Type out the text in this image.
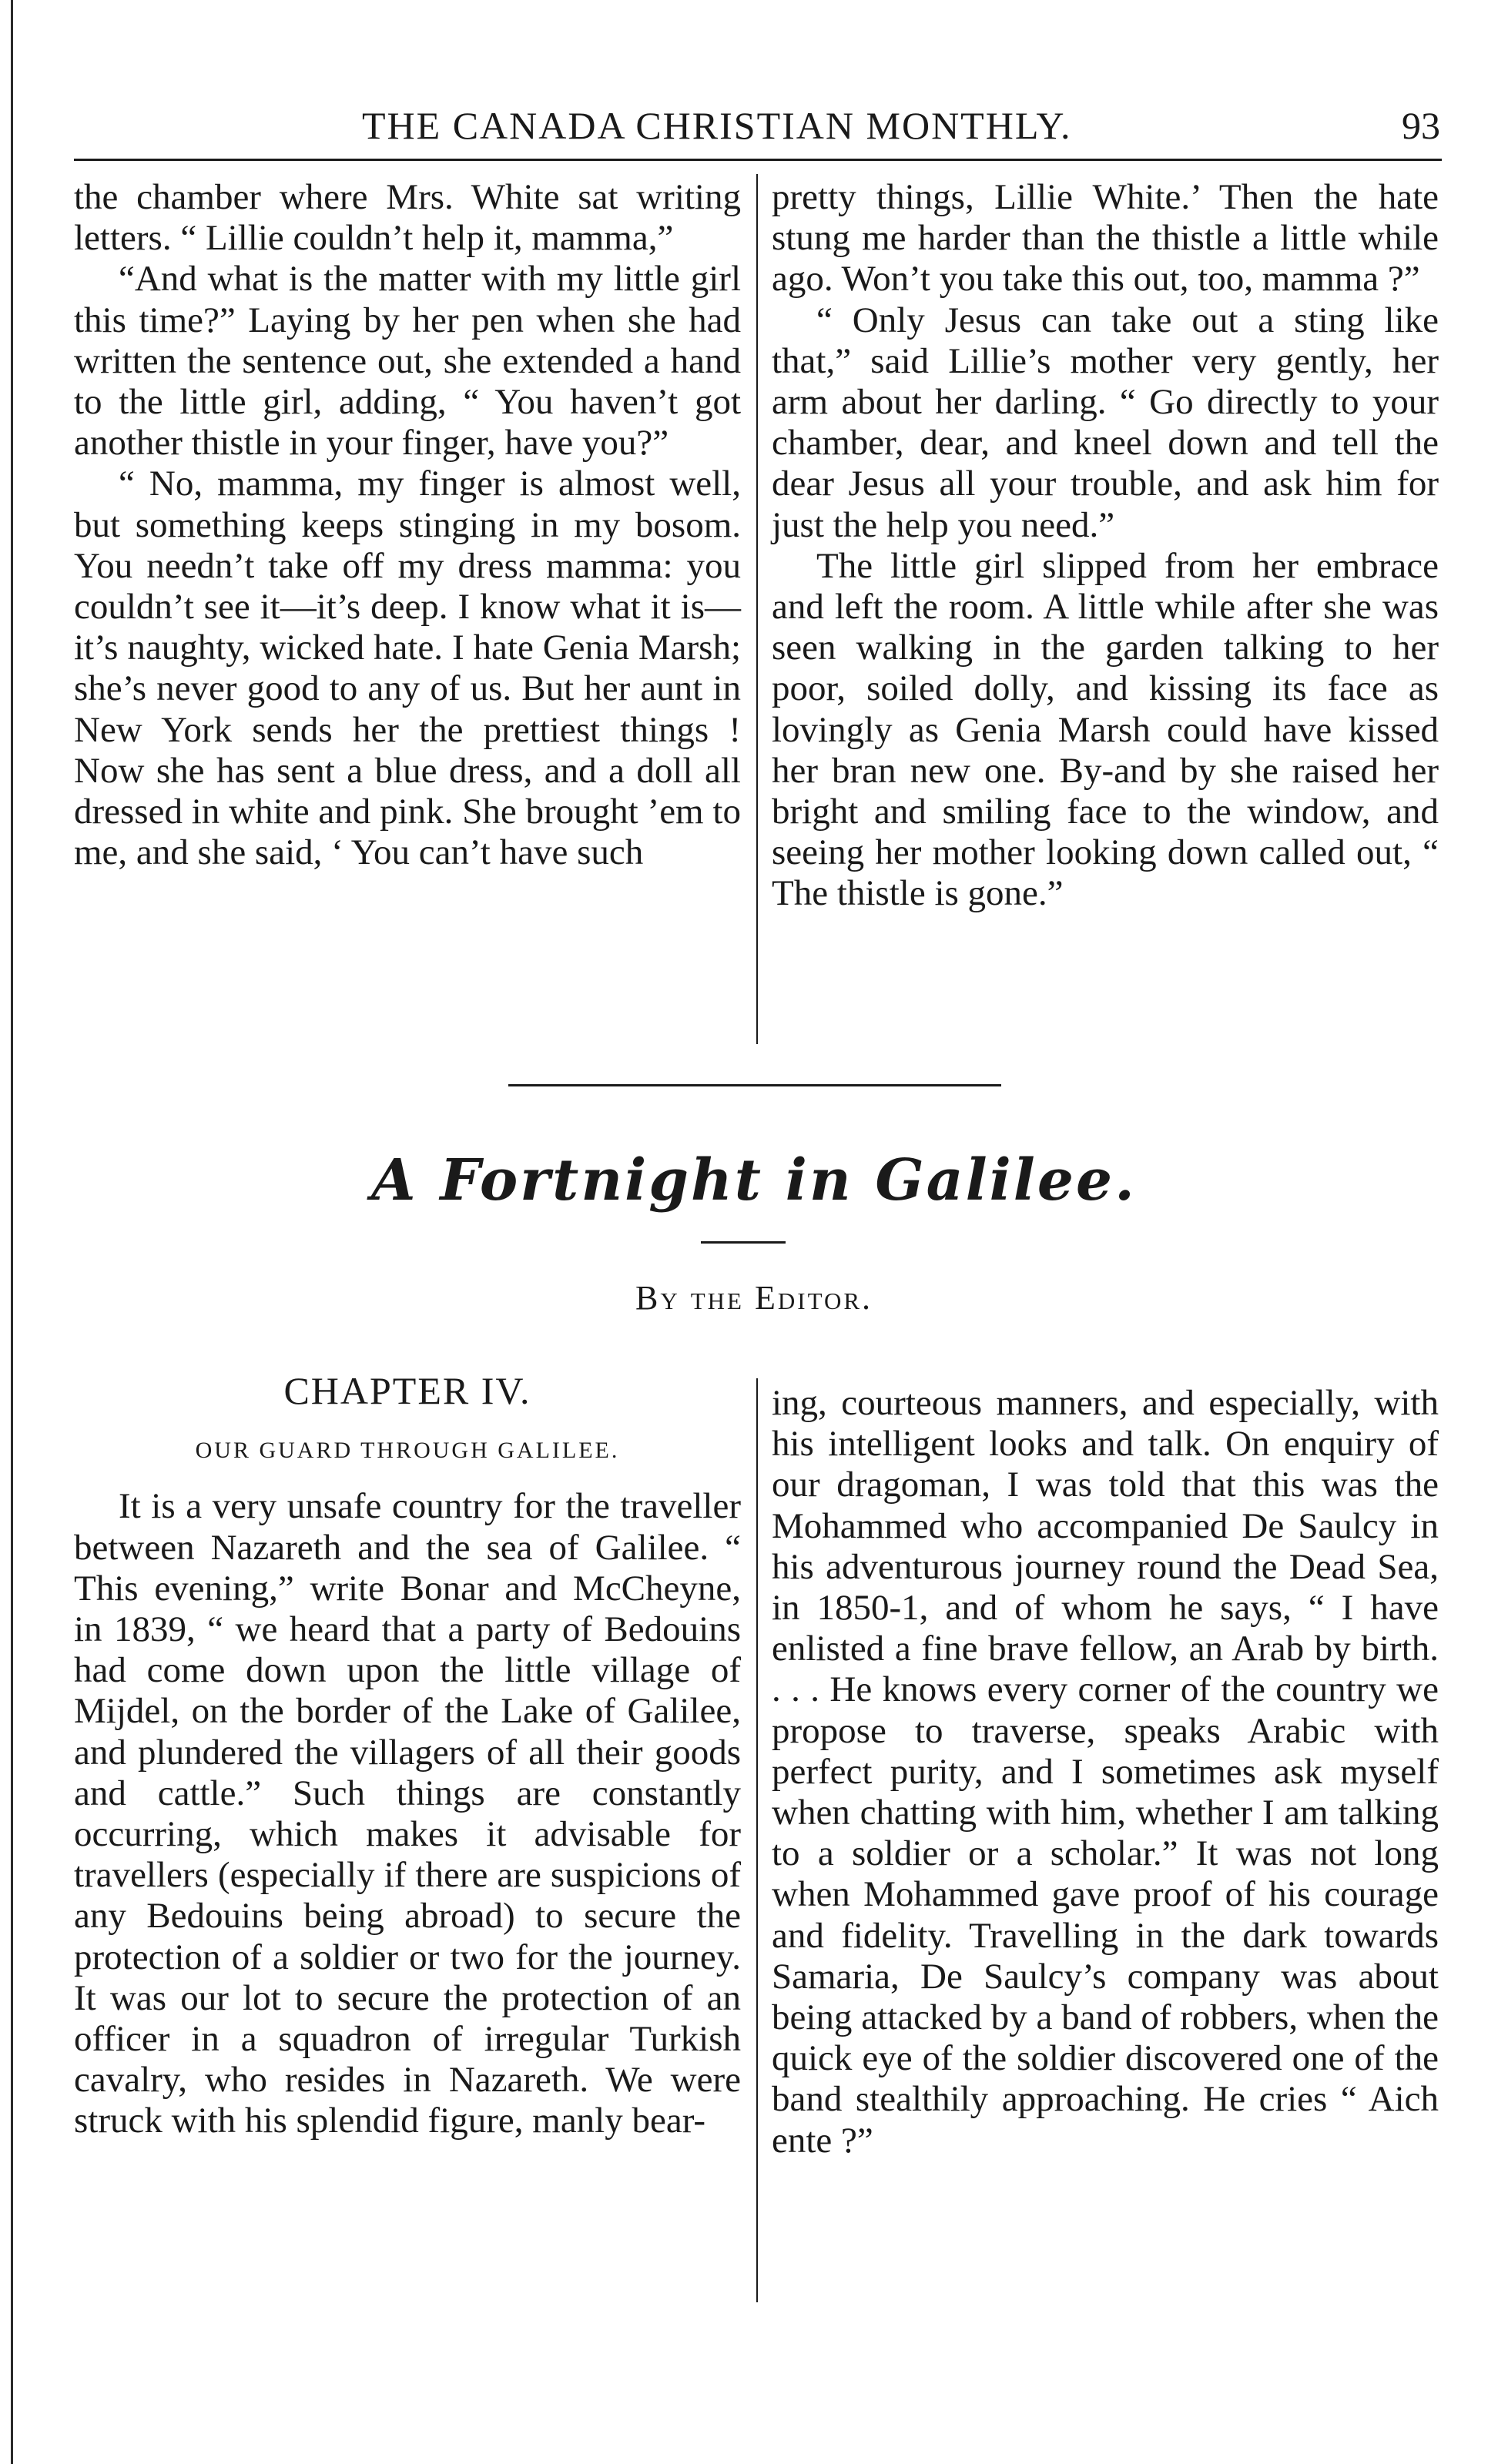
THE CANADA CHRISTIAN MONTHLY.	93

the chamber where Mrs. White sat writing letters. “ Lillie couldn’t help it, mamma,”

“And what is the matter with my little girl this time?” Laying by her pen when she had written the sentence out, she extended a hand to the little girl, adding, “ You haven’t got another thistle in your finger, have you?”

“ No, mamma, my finger is almost well, but something keeps stinging in my bosom. You needn’t take off my dress mamma: you couldn’t see it—it’s deep. I know what it is—it’s naughty, wicked hate. I hate Genia Marsh; she’s never good to any of us. But her aunt in New York sends her the prettiest things ! Now she has sent a blue dress, and a doll all dressed in white and pink. She brought ’em to me, and she said, ‘ You can’t have such

pretty things, Lillie White.’ Then the hate stung me harder than the thistle a little while ago. Won’t you take this out, too, mamma ?”

“ Only Jesus can take out a sting like that,” said Lillie’s mother very gently, her arm about her darling. “ Go directly to your chamber, dear, and kneel down and tell the dear Jesus all your trouble, and ask him for just the help you need.”

The little girl slipped from her embrace and left the room. A little while after she was seen walking in the garden talking to her poor, soiled dolly, and kissing its face as lovingly as Genia Marsh could have kissed her bran new one. By-and by she raised her bright and smiling face to the window, and seeing her mother looking down called out, “ The thistle is gone.”

A Fortnight in Galilee.
By the Editor.
CHAPTER IV.
OUR GUARD THROUGH GALILEE.

It is a very unsafe country for the traveller between Nazareth and the sea of Galilee. “ This evening,” write Bonar and McCheyne, in 1839, “ we heard that a party of Bedouins had come down upon the little village of Mijdel, on the border of the Lake of Galilee, and plundered the villagers of all their goods and cattle.” Such things are constantly occurring, which makes it advisable for travellers (especially if there are suspicions of any Bedouins being abroad) to secure the protection of a soldier or two for the journey. It was our lot to secure the protection of an officer in a squadron of irregular Turkish cavalry, who resides in Nazareth. We were struck with his splendid figure, manly bear-

ing, courteous manners, and especially, with his intelligent looks and talk. On enquiry of our dragoman, I was told that this was the Mohammed who accompanied De Saulcy in his adventurous journey round the Dead Sea, in 1850-1, and of whom he says, “ I have enlisted a fine brave fellow, an Arab by birth. . . . He knows every corner of the country we propose to traverse, speaks Arabic with perfect purity, and I sometimes ask myself when chatting with him, whether I am talking to a soldier or a scholar.” It was not long when Mohammed gave proof of his courage and fidelity. Travelling in the dark towards Samaria, De Saulcy’s company was about being attacked by a band of robbers, when the quick eye of the soldier discovered one of the band stealthily approaching. He cries “ Aich ente ?”
